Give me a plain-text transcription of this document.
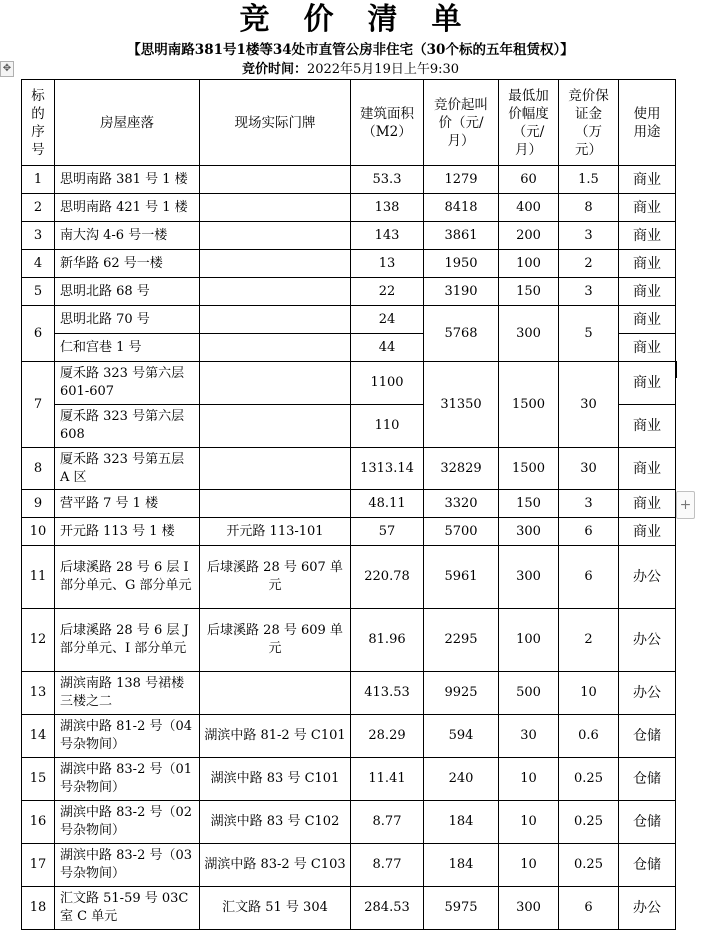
竞价清单
【思明南路381号1楼等34处市直管公房非住宅（30个标的五年租赁权）】
竞价时间：2022年5月19日上午9:30
✥
+
标的序号	房屋座落	现场实际门牌	建筑面积（M2）	竞价起叫价（元/月）	最低加价幅度（元/月）	竞价保证金（万元）	使用用途
1	思明南路 381 号 1 楼		53.3	1279	60	1.5	商业
2	思明南路 421 号 1 楼		138	8418	400	8	商业
3	南大沟 4-6 号一楼		143	3861	200	3	商业
4	新华路 62 号一楼		13	1950	100	2	商业
5	思明北路 68 号		22	3190	150	3	商业
6	思明北路 70 号		24	5768	300	5	商业
	仁和宫巷 1 号		44				商业
7	厦禾路 323 号第六层 601-607		1100	31350	1500	30	商业
	厦禾路 323 号第六层 608		110				商业
8	厦禾路 323 号第五层 A 区		1313.14	32829	1500	30	商业
9	营平路 7 号 1 楼		48.11	3320	150	3	商业
10	开元路 113 号 1 楼	开元路 113-101	57	5700	300	6	商业
11	后埭溪路 28 号 6 层 I 部分单元、G 部分单元	后埭溪路 28 号 607 单元	220.78	5961	300	6	办公
12	后埭溪路 28 号 6 层 J 部分单元、I 部分单元	后埭溪路 28 号 609 单元	81.96	2295	100	2	办公
13	湖滨南路 138 号裙楼三楼之二		413.53	9925	500	10	办公
14	湖滨中路 81-2 号（04 号杂物间）	湖滨中路 81-2 号 C101	28.29	594	30	0.6	仓储
15	湖滨中路 83-2 号（01 号杂物间）	湖滨中路 83 号 C101	11.41	240	10	0.25	仓储
16	湖滨中路 83-2 号（02 号杂物间）	湖滨中路 83 号 C102	8.77	184	10	0.25	仓储
17	湖滨中路 83-2 号（03 号杂物间）	湖滨中路 83-2 号 C103	8.77	184	10	0.25	仓储
18	汇文路 51-59 号 03C 室 C 单元	汇文路 51 号 304	284.53	5975	300	6	办公
